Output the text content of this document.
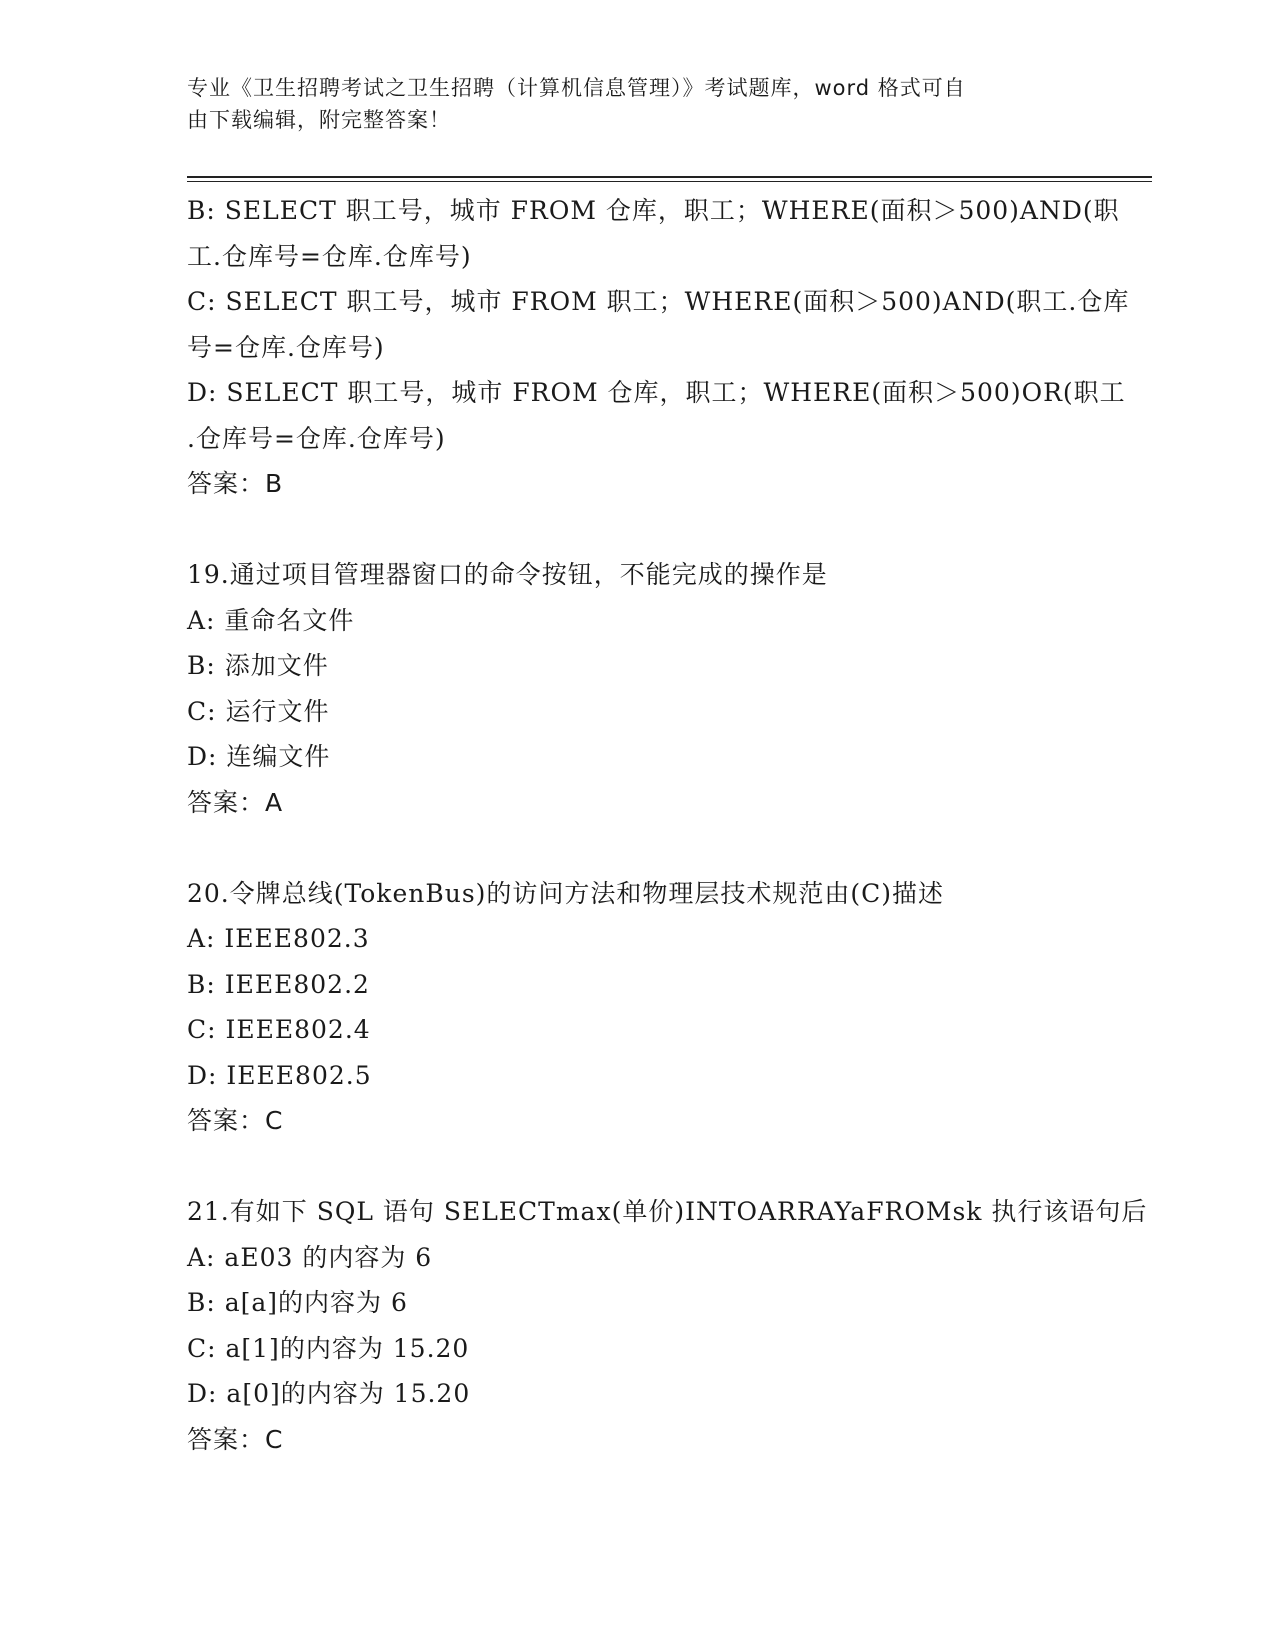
专业《卫生招聘考试之卫生招聘（计算机信息管理）》考试题库，word 格式可自
由下载编辑，附完整答案！
B: SELECT 职工号，城市 FROM 仓库，职工；WHERE(面积＞500)AND(职
工.仓库号=仓库.仓库号)
C: SELECT 职工号，城市 FROM 职工；WHERE(面积＞500)AND(职工.仓库
号=仓库.仓库号)
D: SELECT 职工号，城市 FROM 仓库，职工；WHERE(面积＞500)OR(职工
.仓库号=仓库.仓库号)
答案：B
19.通过项目管理器窗口的命令按钮，不能完成的操作是
A: 重命名文件
B: 添加文件
C: 运行文件
D: 连编文件
答案：A
20.令牌总线(TokenBus)的访问方法和物理层技术规范由(C)描述
A: IEEE802.3
B: IEEE802.2
C: IEEE802.4
D: IEEE802.5
答案：C
21.有如下 SQL 语句 SELECTmax(单价)INTOARRAYaFROMsk 执行该语句后
A: aE03 的内容为 6
B: a[a]的内容为 6
C: a[1]的内容为 15.20
D: a[0]的内容为 15.20
答案：C
